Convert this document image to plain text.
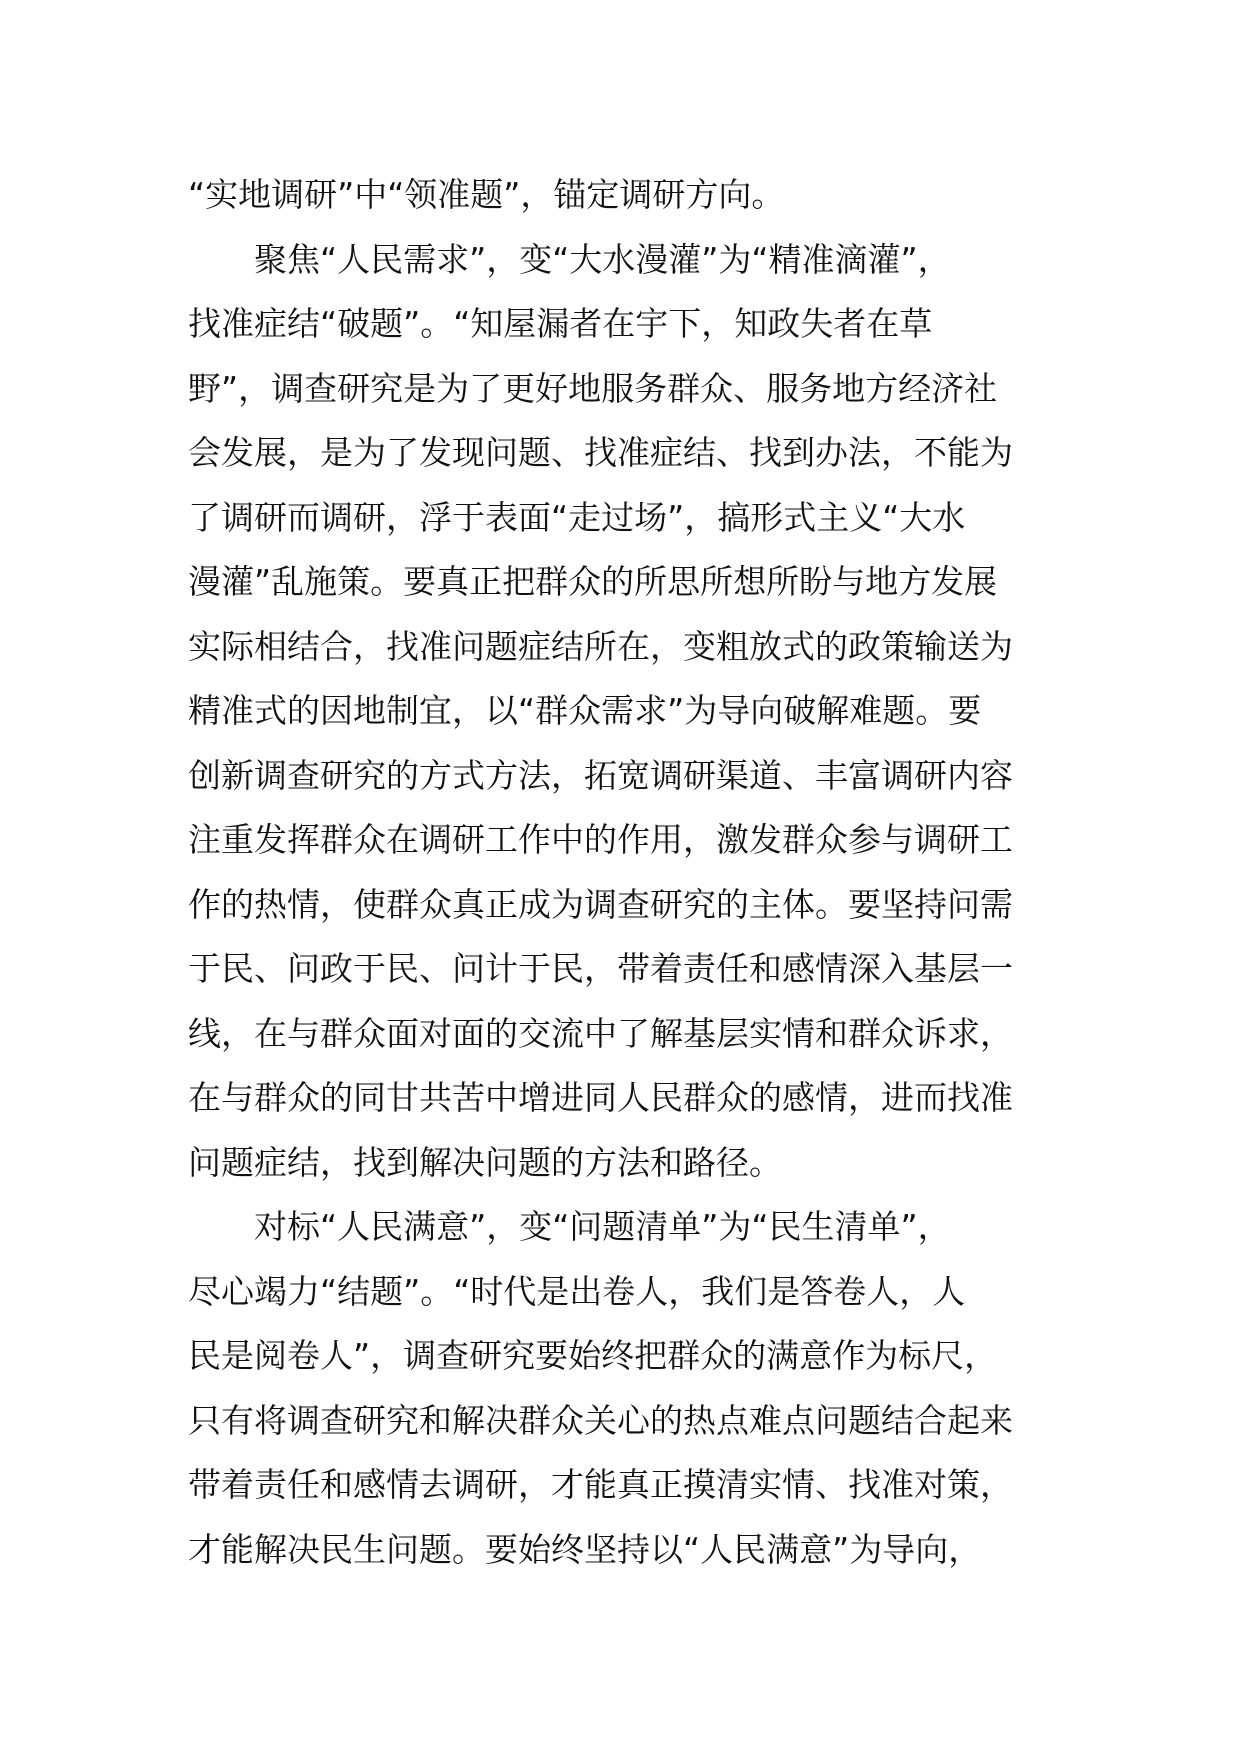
“实地调研”中“领准题”，锚定调研方向。
聚焦“人民需求”，变“大水漫灌”为“精准滴灌”，
找准症结“破题”。“知屋漏者在宇下，知政失者在草
野”，调查研究是为了更好地服务群众、服务地方经济社
会发展，是为了发现问题、找准症结、找到办法，不能为
了调研而调研，浮于表面“走过场”，搞形式主义“大水
漫灌”乱施策。要真正把群众的所思所想所盼与地方发展
实际相结合，找准问题症结所在，变粗放式的政策输送为
精准式的因地制宜，以“群众需求”为导向破解难题。要
创新调查研究的方式方法，拓宽调研渠道、丰富调研内容
注重发挥群众在调研工作中的作用，激发群众参与调研工
作的热情，使群众真正成为调查研究的主体。要坚持问需
于民、问政于民、问计于民，带着责任和感情深入基层一
线，在与群众面对面的交流中了解基层实情和群众诉求，
在与群众的同甘共苦中增进同人民群众的感情，进而找准
问题症结，找到解决问题的方法和路径。
对标“人民满意”，变“问题清单”为“民生清单”，
尽心竭力“结题”。“时代是出卷人，我们是答卷人，人
民是阅卷人”，调查研究要始终把群众的满意作为标尺，
只有将调查研究和解决群众关心的热点难点问题结合起来
带着责任和感情去调研，才能真正摸清实情、找准对策，
才能解决民生问题。要始终坚持以“人民满意”为导向，
